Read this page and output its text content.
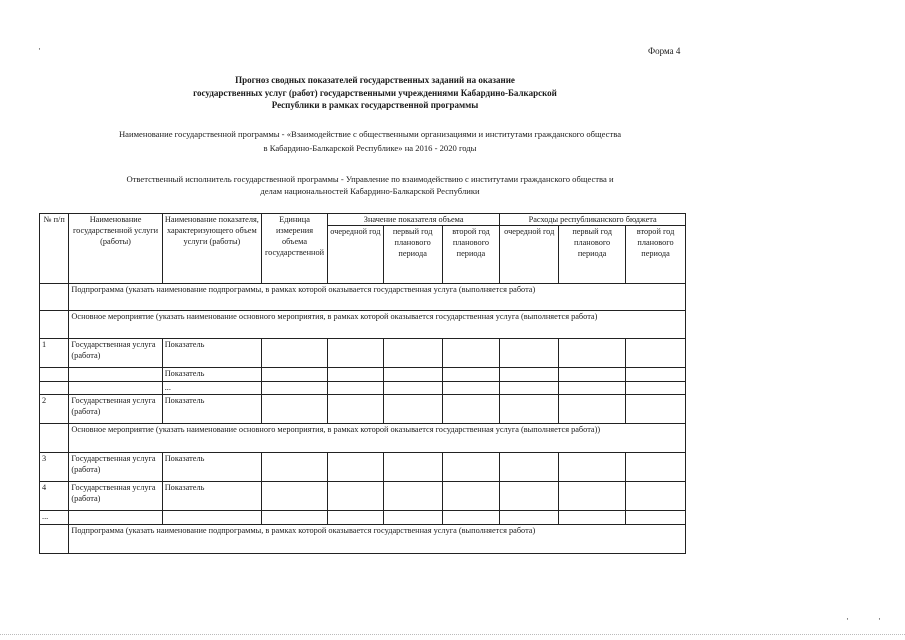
·	Форма 4
Прогноз сводных показателей государственных заданий на оказание
государственных услуг (работ) государственными учреждениями Кабардино-Балкарской
Республики в рамках государственной программы
Наименование государственной программы - «Взаимодействие с общественными организациями и институтами гражданского общества
в Кабардино-Балкарской Республике» на 2016 - 2020 годы
Ответственный исполнитель государственной программы - Управление по взаимодействию с институтами гражданского общества и
делам национальностей Кабардино-Балкарской Республики
№ п/п	Наименование государственной услуги (работы)	Наименование показателя, характеризующего объем услуги (работы)	Единица измерения объема государственной	Значение показателя объема			Расходы республиканского бюджета		
				очередной год	первый год планового периода	второй год планового периода	очередной год	первый год планового периода	второй год планового периода
	Подпрограмма (указать наименование подпрограммы, в рамках которой оказывается государственная услуга (выполняется работа)								
	Основное мероприятие (указать наименование основного мероприятия, в рамках которой оказывается государственная услуга (выполняется работа)								
1	Государственная услуга (работа)	Показатель							
		Показатель							
		...							
2	Государственная услуга (работа)	Показатель							
	Основное мероприятие (указать наименование основного мероприятия, в рамках которой оказывается государственная услуга (выполняется работа))								
3	Государственная услуга (работа)	Показатель							
4	Государственная услуга (работа)	Показатель							
...									
	Подпрограмма (указать наименование подпрограммы, в рамках которой оказывается государственная услуга (выполняется работа)								
·	·
